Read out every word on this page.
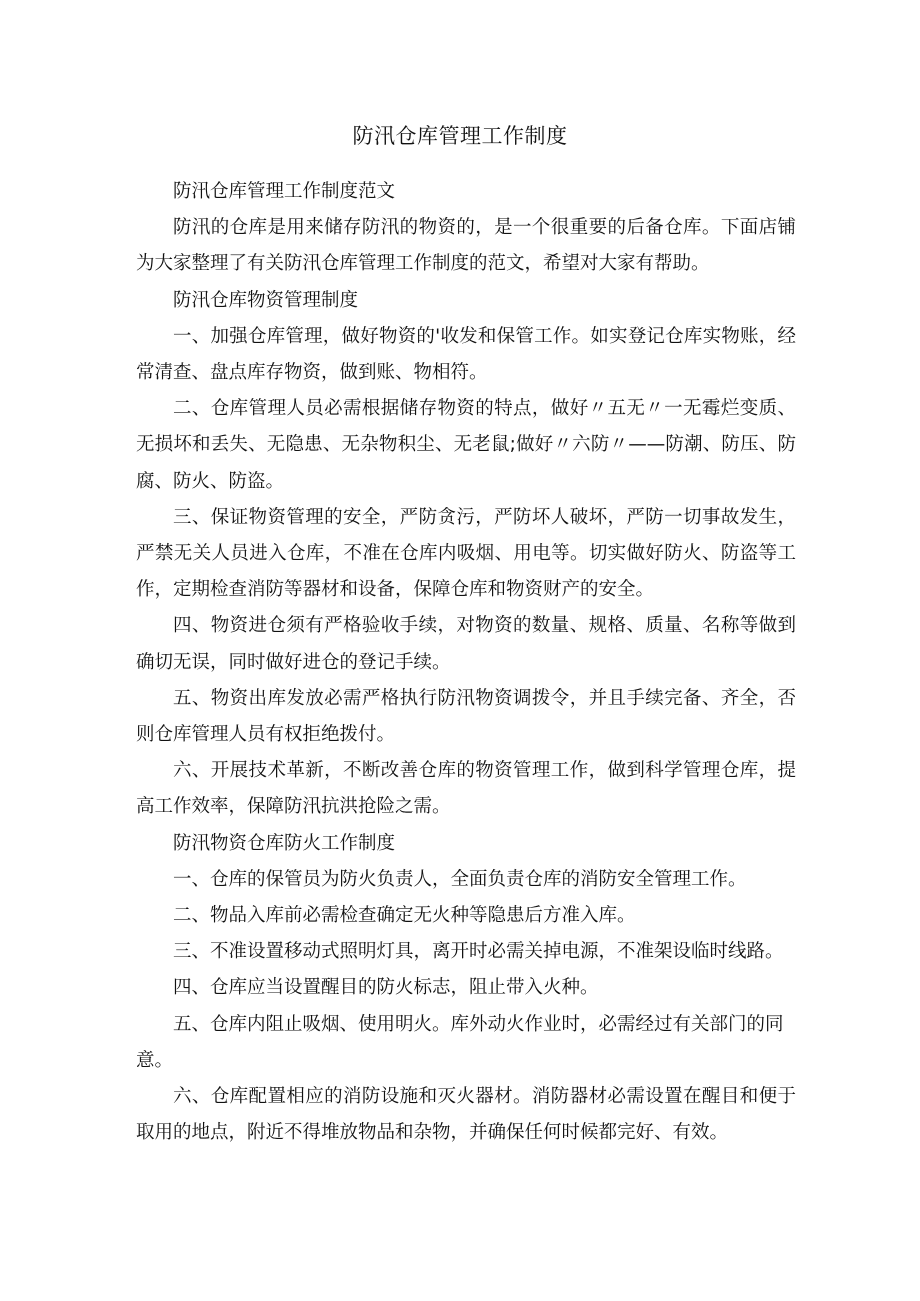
防汛仓库管理工作制度

防汛仓库管理工作制度范文

防汛的仓库是用来储存防汛的物资的，是一个很重要的后备仓库。下面店铺为大家整理了有关防汛仓库管理工作制度的范文，希望对大家有帮助。

防汛仓库物资管理制度

一、加强仓库管理，做好物资的'收发和保管工作。如实登记仓库实物账，经常清查、盘点库存物资，做到账、物相符。

二、仓库管理人员必需根据储存物资的特点，做好〃五无〃一无霉烂变质、无损坏和丢失、无隐患、无杂物积尘、无老鼠;做好〃六防〃——防潮、防压、防腐、防火、防盗。

三、保证物资管理的安全，严防贪污，严防坏人破坏，严防一切事故发生，严禁无关人员进入仓库，不准在仓库内吸烟、用电等。切实做好防火、防盗等工作，定期检查消防等器材和设备，保障仓库和物资财产的安全。

四、物资进仓须有严格验收手续，对物资的数量、规格、质量、名称等做到确切无误，同时做好进仓的登记手续。

五、物资出库发放必需严格执行防汛物资调拨令，并且手续完备、齐全，否则仓库管理人员有权拒绝拨付。

六、开展技术革新，不断改善仓库的物资管理工作，做到科学管理仓库，提高工作效率，保障防汛抗洪抢险之需。

防汛物资仓库防火工作制度

一、仓库的保管员为防火负责人，全面负责仓库的消防安全管理工作。

二、物品入库前必需检查确定无火种等隐患后方准入库。

三、不准设置移动式照明灯具，离开时必需关掉电源，不准架设临时线路。

四、仓库应当设置醒目的防火标志，阻止带入火种。

五、仓库内阻止吸烟、使用明火。库外动火作业时，必需经过有关部门的同意。

六、仓库配置相应的消防设施和灭火器材。消防器材必需设置在醒目和便于取用的地点，附近不得堆放物品和杂物，并确保任何时候都完好、有效。
